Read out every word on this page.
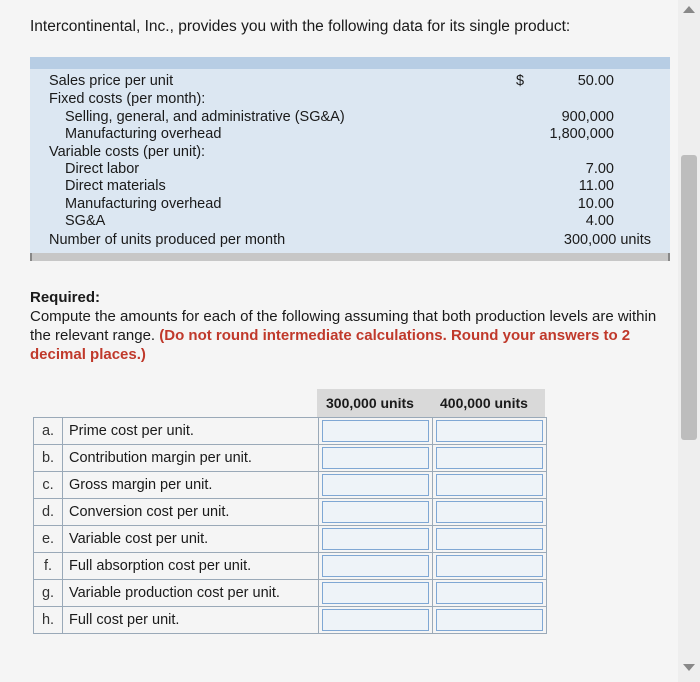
Intercontinental, Inc., provides you with the following data for its single product:
Sales price per unit	$	50.00
Fixed costs (per month):
Selling, general, and administrative (SG&A)	900,000
Manufacturing overhead	1,800,000
Variable costs (per unit):
Direct labor	7.00
Direct materials	11.00
Manufacturing overhead	10.00
SG&A	4.00
Number of units produced per month	300,000 units
Required:
Compute the amounts for each of the following assuming that both production levels are within the relevant range. (Do not round intermediate calculations. Round your answers to 2 decimal places.)
300,000 units 400,000 units
a.	Prime cost per unit.	

b.	Contribution margin per unit.	

c.	Gross margin per unit.	

d.	Conversion cost per unit.	

e.	Variable cost per unit.	

f.	Full absorption cost per unit.	

g.	Variable production cost per unit.	

h.	Full cost per unit.	
